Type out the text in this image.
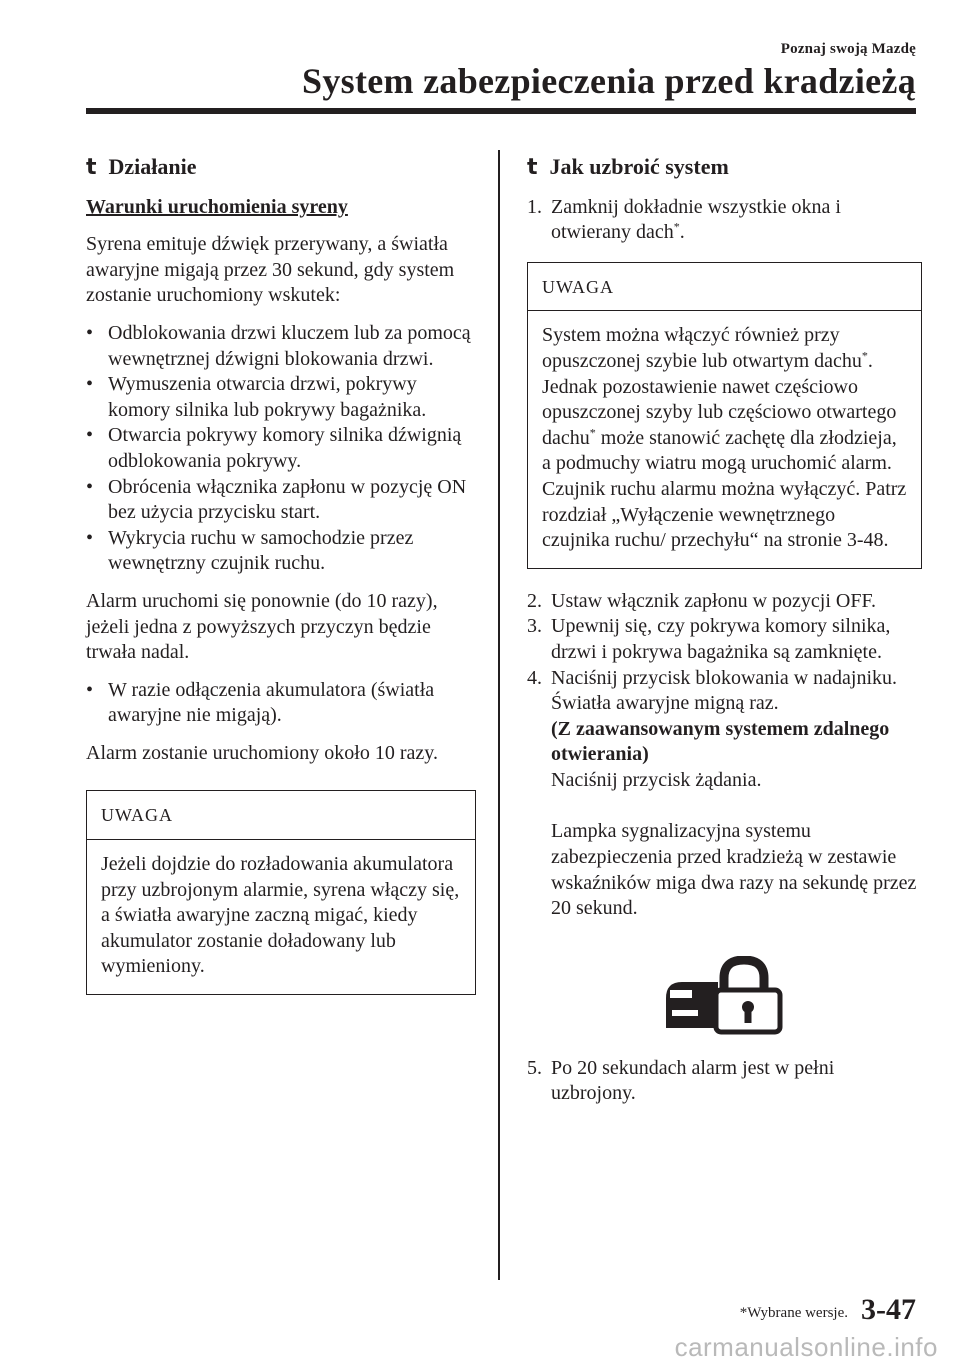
Poznaj swoją Mazdę
System zabezpieczenia przed kradzieżą
t Działanie
Warunki uruchomienia syreny

Syrena emituje dźwięk przerywany, a światła awaryjne migają przez 30 sekund, gdy system zostanie uruchomiony wskutek:

• Odblokowania drzwi kluczem lub za pomocą wewnętrznej dźwigni blokowania drzwi.
• Wymuszenia otwarcia drzwi, pokrywy komory silnika lub pokrywy bagażnika.
• Otwarcia pokrywy komory silnika dźwignią odblokowania pokrywy.
• Obrócenia włącznika zapłonu w pozycję ON bez użycia przycisku start.
• Wykrycia ruchu w samochodzie przez wewnętrzny czujnik ruchu.

Alarm uruchomi się ponownie (do 10 razy), jeżeli jedna z powyższych przyczyn będzie trwała nadal.

• W razie odłączenia akumulatora (światła awaryjne nie migają).

Alarm zostanie uruchomiony około 10 razy.

UWAGA
Jeżeli dojdzie do rozładowania akumulatora przy uzbrojonym alarmie, syrena włączy się, a światła awaryjne zaczną migać, kiedy akumulator zostanie doładowany lub wymieniony.
t Jak uzbroić system
1. Zamknij dokładnie wszystkie okna i otwierany dach*.
UWAGA
System można włączyć również przy opuszczonej szybie lub otwartym dachu*. Jednak pozostawienie nawet częściowo opuszczonej szyby lub częściowo otwartego dachu* może stanowić zachętę dla złodzieja, a podmuchy wiatru mogą uruchomić alarm.
Czujnik ruchu alarmu można wyłączyć. Patrz rozdział „Wyłączenie wewnętrznego czujnika ruchu/ przechyłu“ na stronie 3-48.
2. Ustaw włącznik zapłonu w pozycji OFF.
3. Upewnij się, czy pokrywa komory silnika, drzwi i pokrywa bagażnika są zamknięte.
4. Naciśnij przycisk blokowania w nadajniku.
Światła awaryjne migną raz.
(Z zaawansowanym systemem zdalnego otwierania)
Naciśnij przycisk żądania.
Lampka sygnalizacyjna systemu zabezpieczenia przed kradzieżą w zestawie wskaźników miga dwa razy na sekundę przez 20 sekund.
5. Po 20 sekundach alarm jest w pełni uzbrojony.
*Wybrane wersje. 3-47
carmanualsonline.info
